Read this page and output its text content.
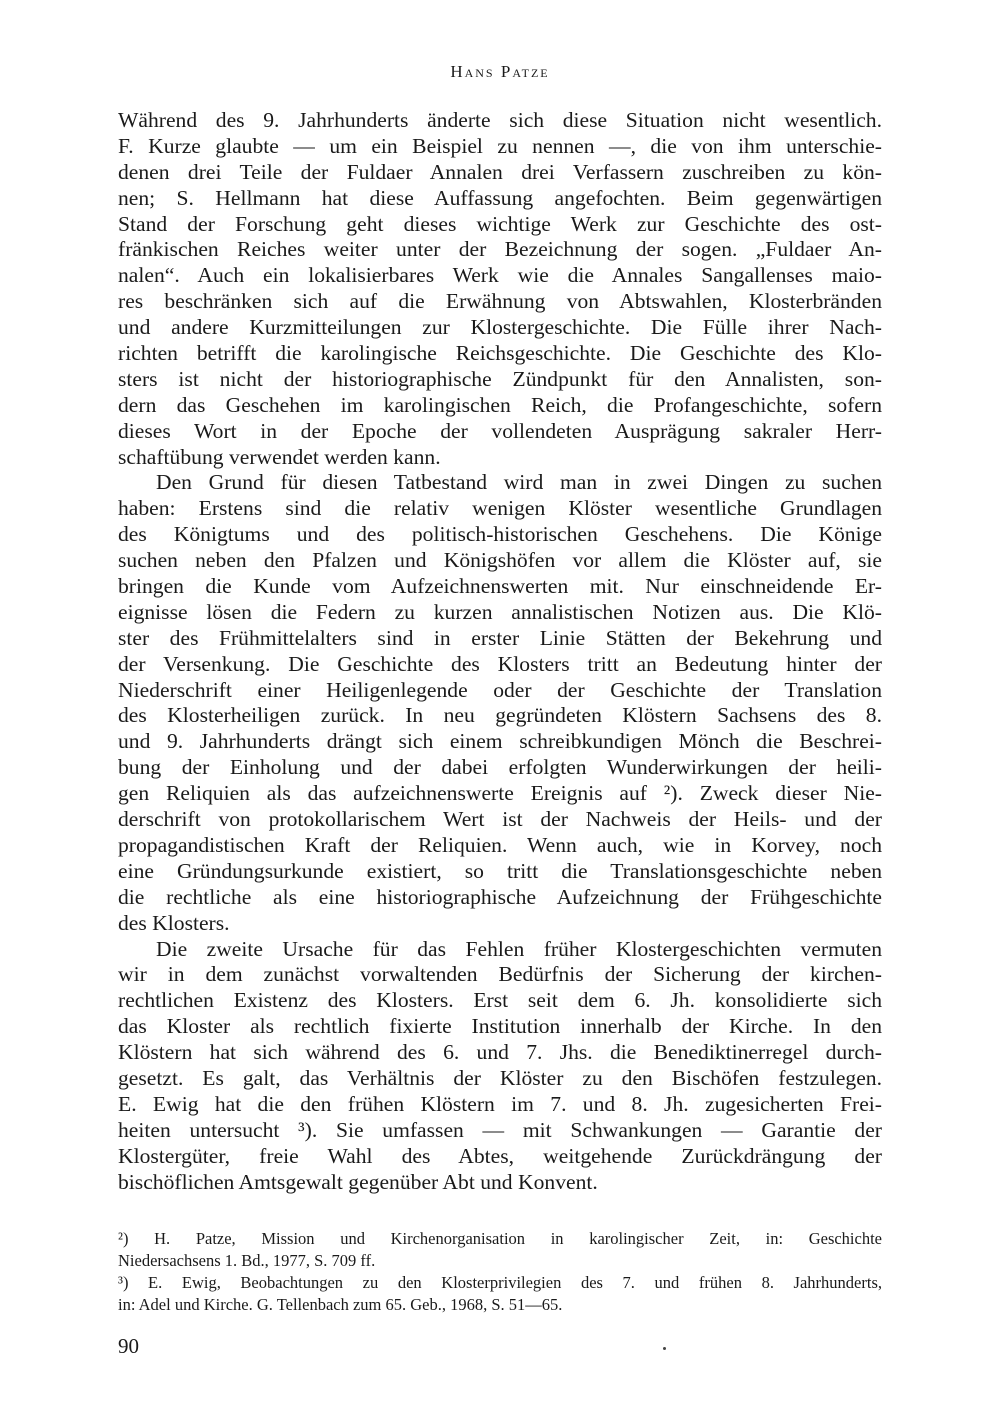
Hans Patze
Während des 9. Jahrhunderts änderte sich diese Situation nicht wesentlich.
F. Kurze glaubte — um ein Beispiel zu nennen —, die von ihm unterschie-
denen drei Teile der Fuldaer Annalen drei Verfassern zuschreiben zu kön-
nen; S. Hellmann hat diese Auffassung angefochten. Beim gegenwärtigen
Stand der Forschung geht dieses wichtige Werk zur Geschichte des ost-
fränkischen Reiches weiter unter der Bezeichnung der sogen. „Fuldaer An-
nalen“. Auch ein lokalisierbares Werk wie die Annales Sangallenses maio-
res beschränken sich auf die Erwähnung von Abtswahlen, Klosterbränden
und andere Kurzmitteilungen zur Klostergeschichte. Die Fülle ihrer Nach-
richten betrifft die karolingische Reichsgeschichte. Die Geschichte des Klo-
sters ist nicht der historiographische Zündpunkt für den Annalisten, son-
dern das Geschehen im karolingischen Reich, die Profangeschichte, sofern
dieses Wort in der Epoche der vollendeten Ausprägung sakraler Herr-
schaftübung verwendet werden kann.
Den Grund für diesen Tatbestand wird man in zwei Dingen zu suchen
haben: Erstens sind die relativ wenigen Klöster wesentliche Grundlagen
des Königtums und des politisch-historischen Geschehens. Die Könige
suchen neben den Pfalzen und Königshöfen vor allem die Klöster auf, sie
bringen die Kunde vom Aufzeichnenswerten mit. Nur einschneidende Er-
eignisse lösen die Federn zu kurzen annalistischen Notizen aus. Die Klö-
ster des Frühmittelalters sind in erster Linie Stätten der Bekehrung und
der Versenkung. Die Geschichte des Klosters tritt an Bedeutung hinter der
Niederschrift einer Heiligenlegende oder der Geschichte der Translation
des Klosterheiligen zurück. In neu gegründeten Klöstern Sachsens des 8.
und 9. Jahrhunderts drängt sich einem schreibkundigen Mönch die Beschrei-
bung der Einholung und der dabei erfolgten Wunderwirkungen der heili-
gen Reliquien als das aufzeichnenswerte Ereignis auf ²). Zweck dieser Nie-
derschrift von protokollarischem Wert ist der Nachweis der Heils- und der
propagandistischen Kraft der Reliquien. Wenn auch, wie in Korvey, noch
eine Gründungsurkunde existiert, so tritt die Translationsgeschichte neben
die rechtliche als eine historiographische Aufzeichnung der Frühgeschichte
des Klosters.
Die zweite Ursache für das Fehlen früher Klostergeschichten vermuten
wir in dem zunächst vorwaltenden Bedürfnis der Sicherung der kirchen-
rechtlichen Existenz des Klosters. Erst seit dem 6. Jh. konsolidierte sich
das Kloster als rechtlich fixierte Institution innerhalb der Kirche. In den
Klöstern hat sich während des 6. und 7. Jhs. die Benediktinerregel durch-
gesetzt. Es galt, das Verhältnis der Klöster zu den Bischöfen festzulegen.
E. Ewig hat die den frühen Klöstern im 7. und 8. Jh. zugesicherten Frei-
heiten untersucht ³). Sie umfassen — mit Schwankungen — Garantie der
Klostergüter, freie Wahl des Abtes, weitgehende Zurückdrängung der
bischöflichen Amtsgewalt gegenüber Abt und Konvent.
²) H. Patze, Mission und Kirchenorganisation in karolingischer Zeit, in: Geschichte
Niedersachsens 1. Bd., 1977, S. 709 ff.
³) E. Ewig, Beobachtungen zu den Klosterprivilegien des 7. und frühen 8. Jahrhunderts,
in: Adel und Kirche. G. Tellenbach zum 65. Geb., 1968, S. 51—65.
90
